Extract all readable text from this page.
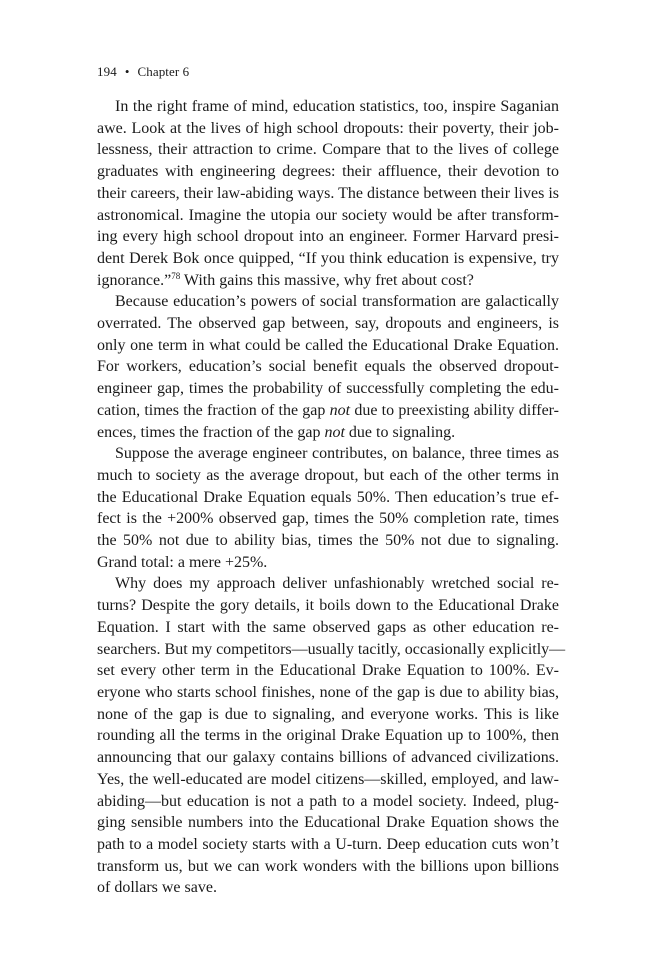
194 • Chapter 6
In the right frame of mind, education statistics, too, inspire Saganian
awe. Look at the lives of high school dropouts: their poverty, their job-
lessness, their attraction to crime. Compare that to the lives of college
graduates with engineering degrees: their affluence, their devotion to
their careers, their law-abiding ways. The distance between their lives is
astronomical. Imagine the utopia our society would be after transform-
ing every high school dropout into an engineer. Former Harvard presi-
dent Derek Bok once quipped, “If you think education is expensive, try
ignorance.”$^{78}$ With gains this massive, why fret about cost?
Because education’s powers of social transformation are galactically
overrated. The observed gap between, say, dropouts and engineers, is
only one term in what could be called the Educational Drake Equation.
For workers, education’s social benefit equals the observed dropout-
engineer gap, times the probability of successfully completing the edu-
cation, times the fraction of the gap not due to preexisting ability differ-
ences, times the fraction of the gap not due to signaling.
Suppose the average engineer contributes, on balance, three times as
much to society as the average dropout, but each of the other terms in
the Educational Drake Equation equals 50%. Then education’s true ef-
fect is the +200% observed gap, times the 50% completion rate, times
the 50% not due to ability bias, times the 50% not due to signaling.
Grand total: a mere +25%.
Why does my approach deliver unfashionably wretched social re-
turns? Despite the gory details, it boils down to the Educational Drake
Equation. I start with the same observed gaps as other education re-
searchers. But my competitors—usually tacitly, occasionally explicitly—
set every other term in the Educational Drake Equation to 100%. Ev-
eryone who starts school finishes, none of the gap is due to ability bias,
none of the gap is due to signaling, and everyone works. This is like
rounding all the terms in the original Drake Equation up to 100%, then
announcing that our galaxy contains billions of advanced civilizations.
Yes, the well-educated are model citizens—skilled, employed, and law-
abiding—but education is not a path to a model society. Indeed, plug-
ging sensible numbers into the Educational Drake Equation shows the
path to a model society starts with a U-turn. Deep education cuts won’t
transform us, but we can work wonders with the billions upon billions
of dollars we save.
